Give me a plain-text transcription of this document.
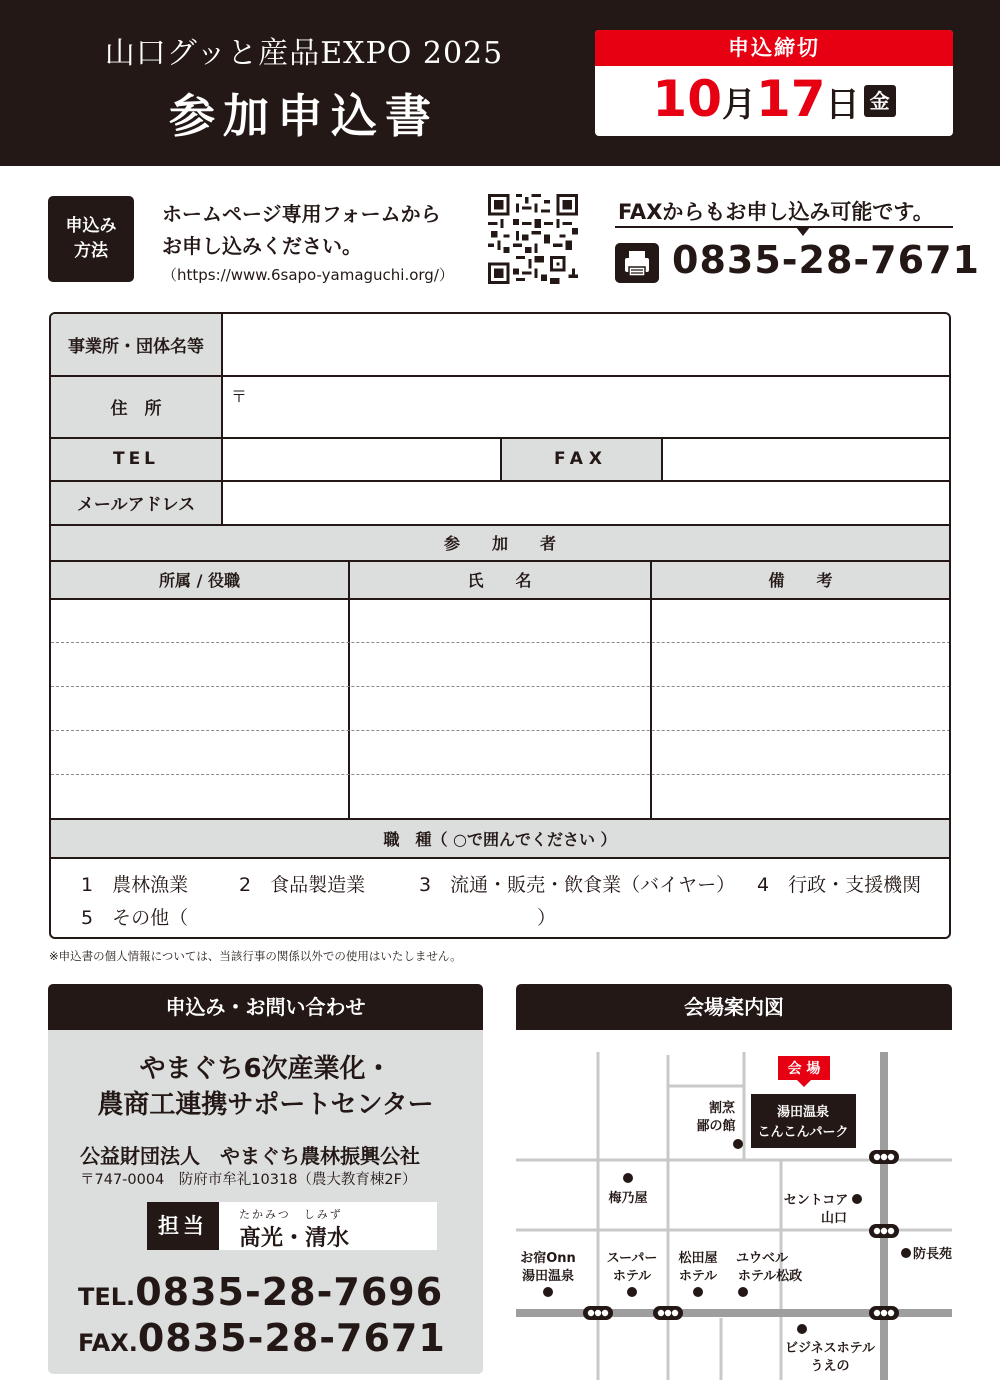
山口グッと産品EXPO 2025
参加申込書
申込締切
10月17日 金
申込み
方法
ホームページ専用フォームから
お申し込みください。
（https://www.6sapo-yamaguchi.org/）
FAXからもお申し込み可能です。
0835-28-7671
事業所・団体名等
住　所
〒
TEL	FAX
メールアドレス
参　　加　　者
所属 / 役職	氏　　名	備　　考
職　種（ ○で囲んでください ）
1　農林漁業	2　食品製造業	3　流通・販売・飲食業（バイヤー） 4　行政・支援機関
5　その他（	）
※申込書の個人情報については、当該行事の関係以外での使用はいたしません。
申込み・お問い合わせ
やまぐち6次産業化・
農商工連携サポートセンター
公益財団法人　やまぐち農林振興公社
〒747-0004　防府市牟礼10318（農大教育棟2F）
担当	たかみつ　しみず
髙光・清水
TEL.0835-28-7696
FAX.0835-28-7671
会場案内図
会 場
湯田温泉
こんこんパーク
割烹
鄙の館
梅乃屋	セントコア
山口
防長苑
お宿Onn
湯田温泉
スーパー
ホテル
松田屋
ホテル
ユウベル
ホテル松政
ビジネスホテル
うえの
